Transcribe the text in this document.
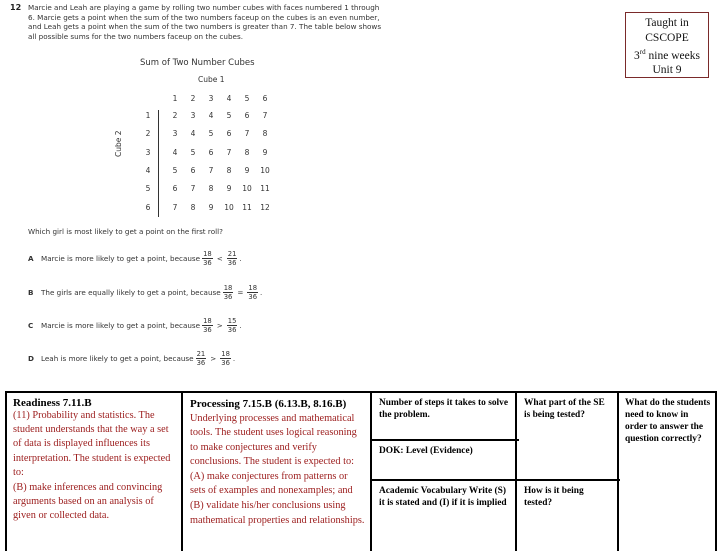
12 Marcie and Leah are playing a game by rolling two number cubes with faces numbered 1 through 6. Marcie gets a point when the sum of the two numbers faceup on the cubes is an even number, and Leah gets a point when the sum of the two numbers is greater than 7. The table below shows all possible sums for the two numbers faceup on the cubes.
Sum of Two Number Cubes
Cube 1
Cube 2
1	2	3	4	5	6
1	2	3	4	5	6	7
2	3	4	5	6	7	8
3	4	5	6	7	8	9
4	5	6	7	8	9	10
5	6	7	8	9	10	11
6	7	8	9	10	11	12
Which girl is most likely to get a point on the first roll?
A	Marcie is more likely to get a point, because $\frac{18}{36} < \frac{21}{36}$ .
B	The girls are equally likely to get a point, because $\frac{18}{36} = \frac{18}{36}$ .
C	Marcie is more likely to get a point, because $\frac{18}{36} > \frac{15}{36}$ .
D Leah is more likely to get a point, because $\frac{21}{36} > \frac{18}{36}$ .
Taught in
CSCOPE
3rd nine weeks
Unit 9
Readiness 7.11.B

(11) Probability and statistics. The student understands that the way a set of data is displayed influences its interpretation. The student is expected to:

(B) make inferences and convincing arguments based on an analysis of given or collected data.

Processing 7.15.B (6.13.B, 8.16.B) Underlying processes and mathematical tools. The student uses logical reasoning to make conjectures and verify conclusions. The student is expected to:

(A) make conjectures from patterns or sets of examples and nonexamples; and

(B) validate his/her conclusions using mathematical properties and relationships.

Number of steps it takes to solve the problem.
DOK: Level (Evidence)
Academic Vocabulary Write (S) it is stated and (I) if it is implied
What part of the SE is being tested?
How is it being tested?
What do the students need to know in order to answer the question correctly?
